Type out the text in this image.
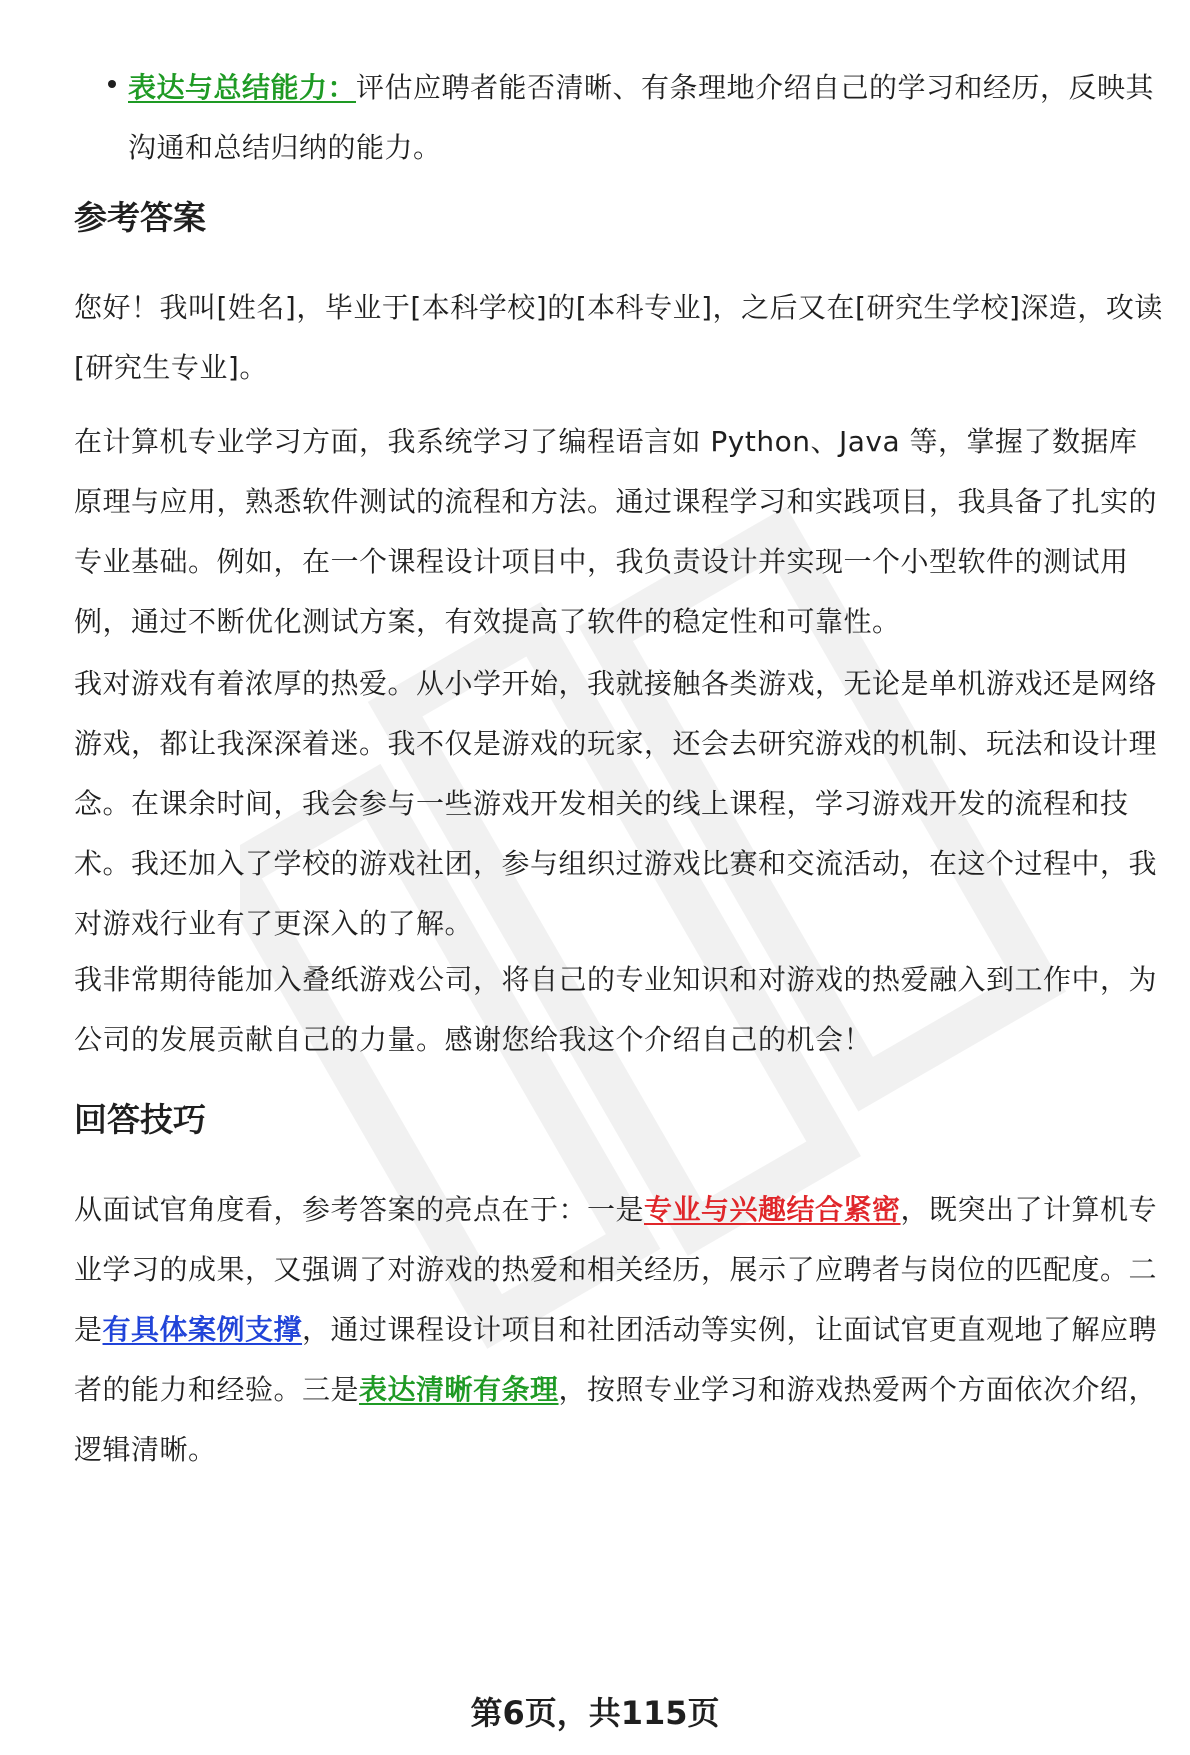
表达与总结能力：评估应聘者能否清晰、有条理地介绍自己的学习和经历，反映其沟通和总结归纳的能力。
参考答案
您好！我叫[姓名]，毕业于[本科学校]的[本科专业]，之后又在[研究生学校]深造，攻读[研究生专业]。
在计算机专业学习方面，我系统学习了编程语言如 Python、Java 等，掌握了数据库原理与应用，熟悉软件测试的流程和方法。通过课程学习和实践项目，我具备了扎实的专业基础。例如，在一个课程设计项目中，我负责设计并实现一个小型软件的测试用例，通过不断优化测试方案，有效提高了软件的稳定性和可靠性。
我对游戏有着浓厚的热爱。从小学开始，我就接触各类游戏，无论是单机游戏还是网络游戏，都让我深深着迷。我不仅是游戏的玩家，还会去研究游戏的机制、玩法和设计理念。在课余时间，我会参与一些游戏开发相关的线上课程，学习游戏开发的流程和技术。我还加入了学校的游戏社团，参与组织过游戏比赛和交流活动，在这个过程中，我对游戏行业有了更深入的了解。
我非常期待能加入叠纸游戏公司，将自己的专业知识和对游戏的热爱融入到工作中，为公司的发展贡献自己的力量。感谢您给我这个介绍自己的机会！
回答技巧
从面试官角度看，参考答案的亮点在于：一是专业与兴趣结合紧密，既突出了计算机专业学习的成果，又强调了对游戏的热爱和相关经历，展示了应聘者与岗位的匹配度。二是有具体案例支撑，通过课程设计项目和社团活动等实例，让面试官更直观地了解应聘者的能力和经验。三是表达清晰有条理，按照专业学习和游戏热爱两个方面依次介绍，逻辑清晰。
第6页，共115页
